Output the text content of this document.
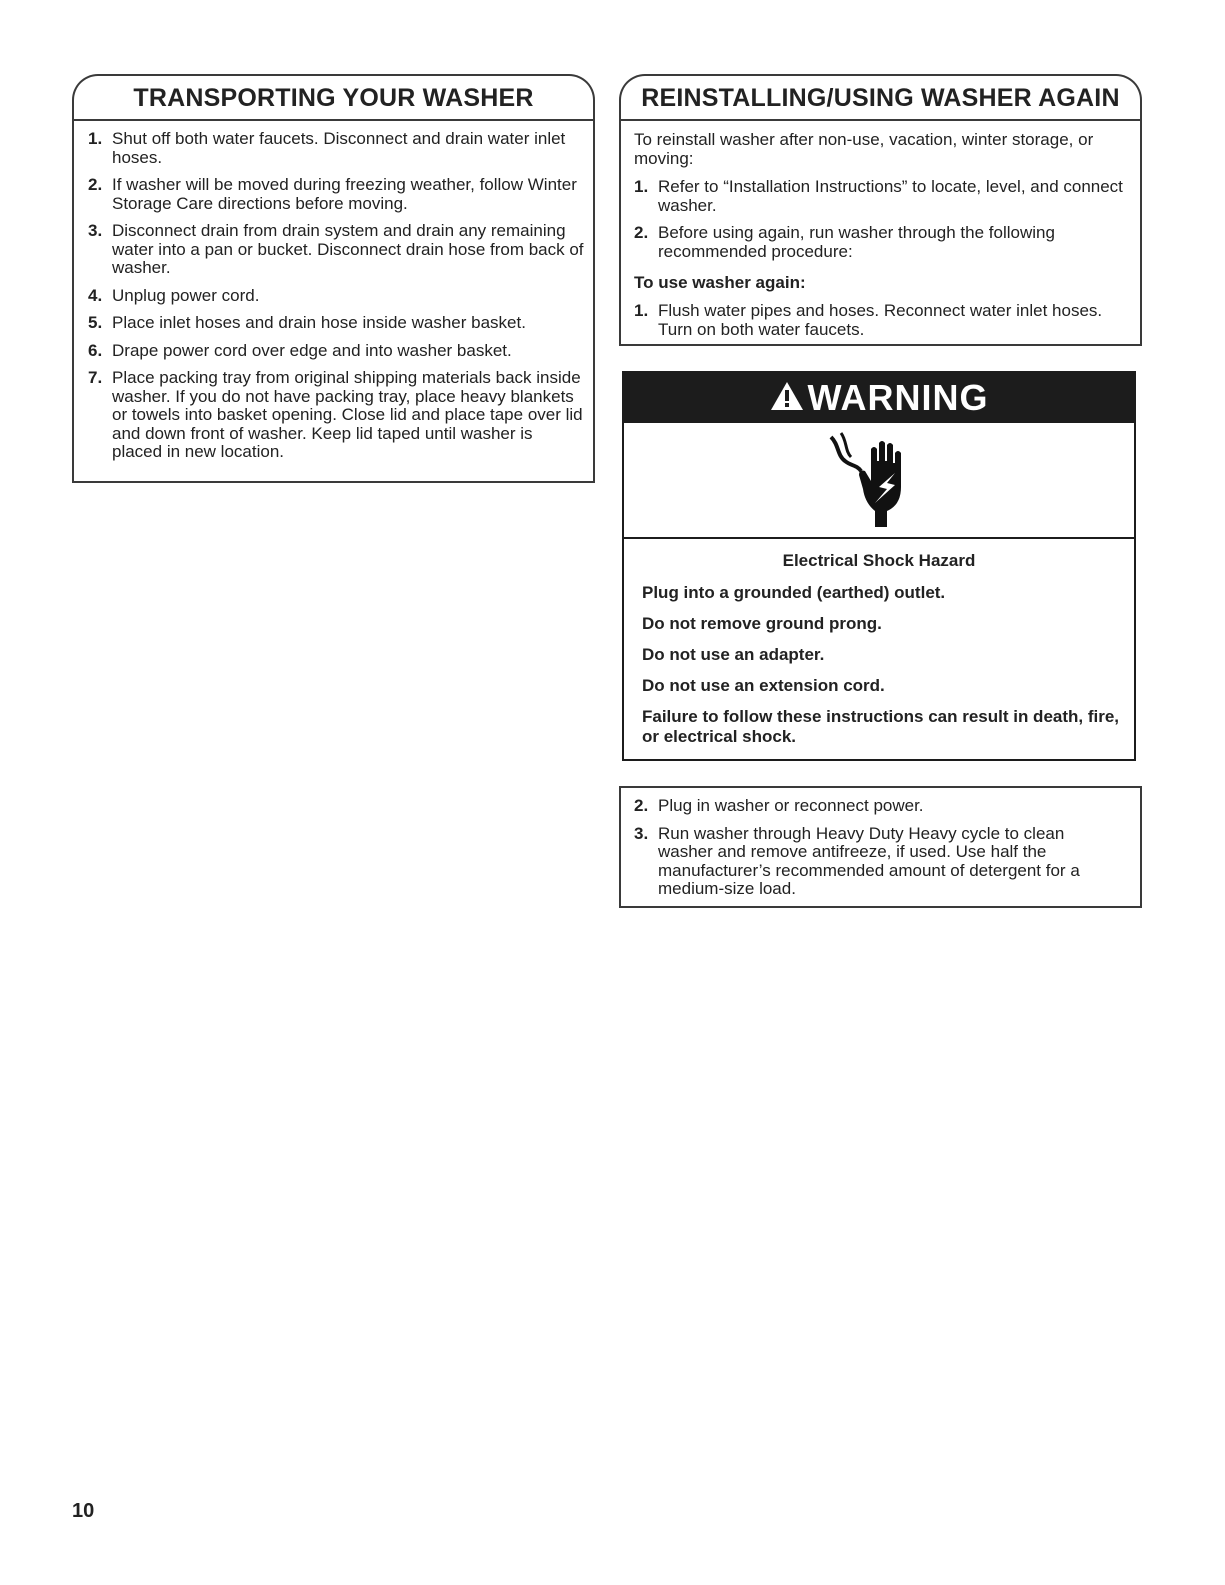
TRANSPORTING YOUR WASHER
1. Shut off both water faucets. Disconnect and drain water inlet hoses.
2. If washer will be moved during freezing weather, follow Winter Storage Care directions before moving.
3. Disconnect drain from drain system and drain any remaining water into a pan or bucket. Disconnect drain hose from back of washer.
4. Unplug power cord.
5. Place inlet hoses and drain hose inside washer basket.
6. Drape power cord over edge and into washer basket.
7. Place packing tray from original shipping materials back inside washer. If you do not have packing tray, place heavy blankets or towels into basket opening. Close lid and place tape over lid and down front of washer. Keep lid taped until washer is placed in new location.
REINSTALLING/USING WASHER AGAIN
To reinstall washer after non-use, vacation, winter storage, or moving:
1. Refer to “Installation Instructions” to locate, level, and connect washer.
2. Before using again, run washer through the following recommended procedure:
To use washer again:
1. Flush water pipes and hoses. Reconnect water inlet hoses. Turn on both water faucets.
WARNING
Electrical Shock Hazard
Plug into a grounded (earthed) outlet.
Do not remove ground prong.
Do not use an adapter.
Do not use an extension cord.
Failure to follow these instructions can result in death, fire, or electrical shock.
2. Plug in washer or reconnect power.
3. Run washer through Heavy Duty Heavy cycle to clean washer and remove antifreeze, if used. Use half the manufacturer’s recommended amount of detergent for a medium-size load.
10
